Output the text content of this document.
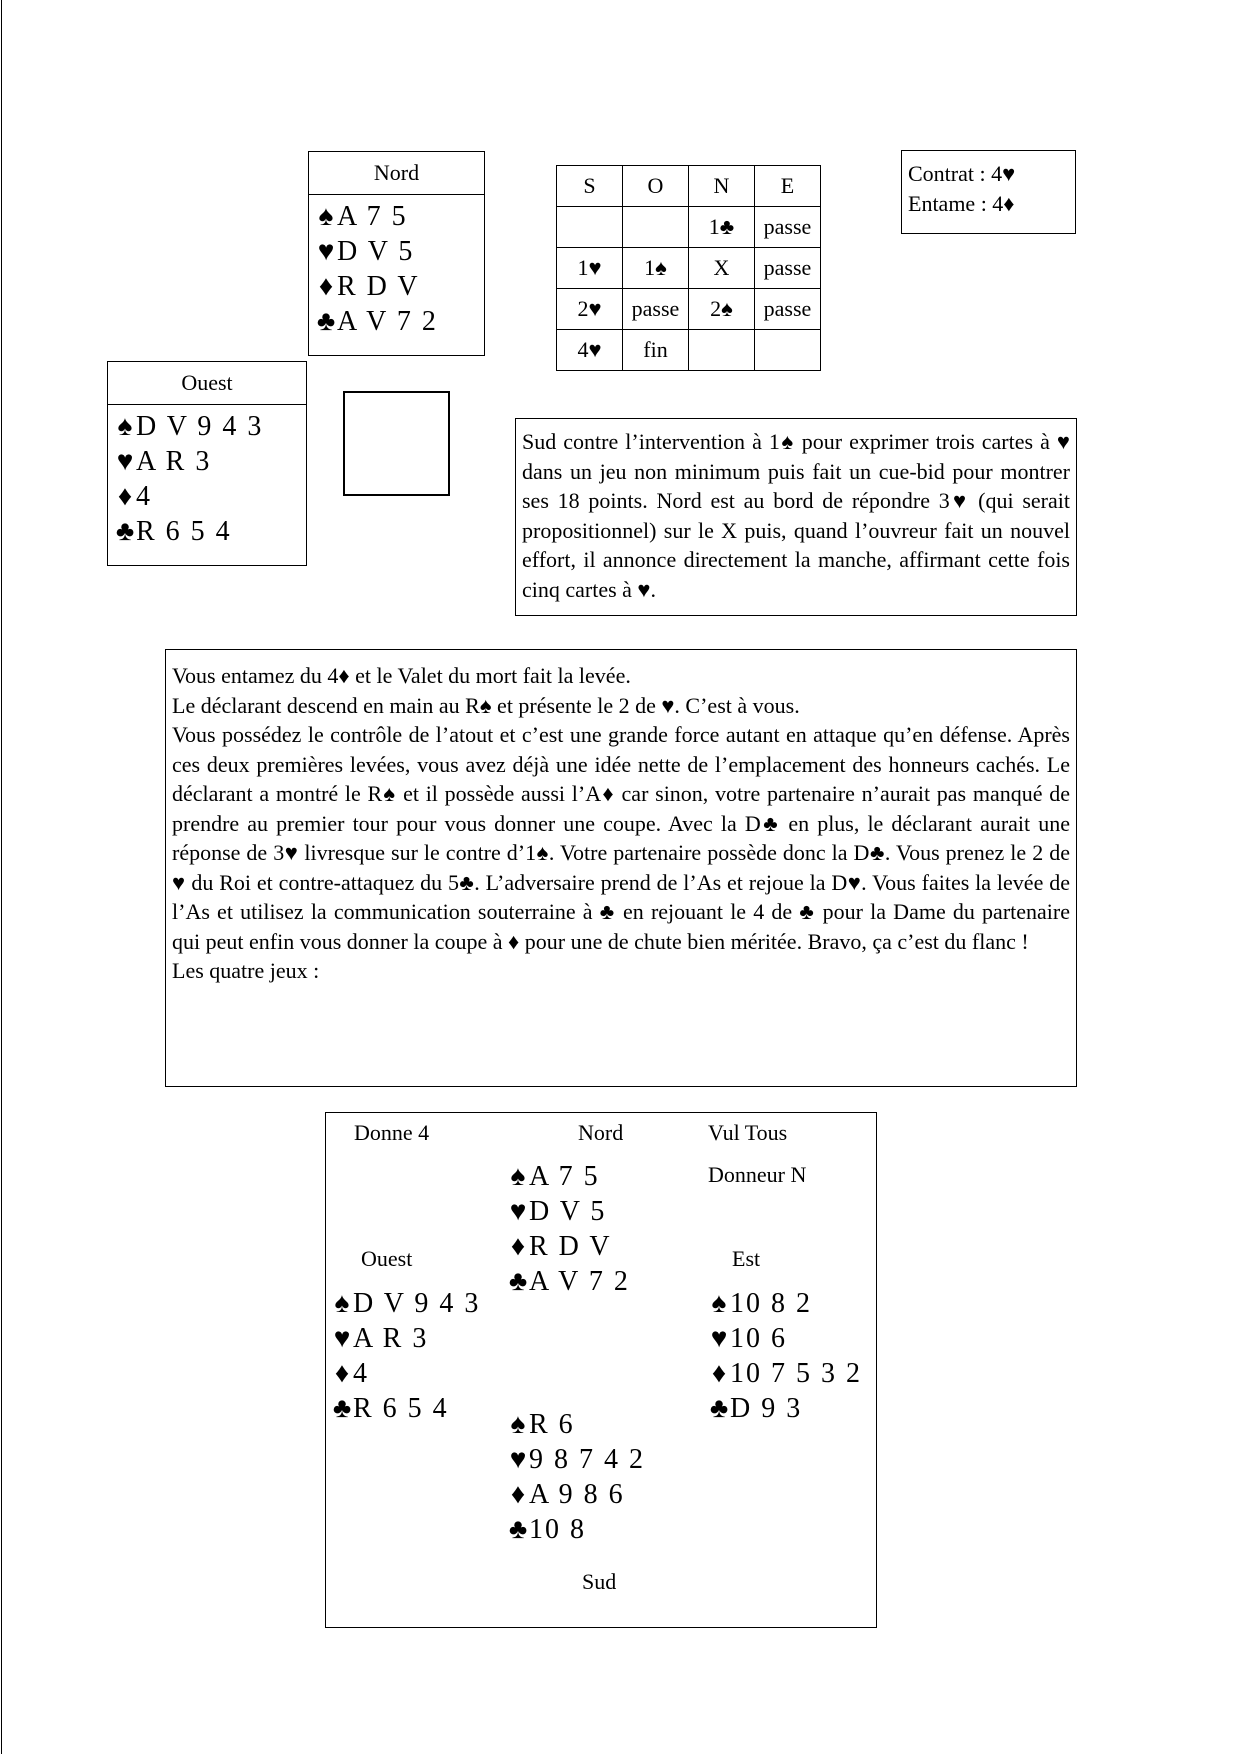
Nord
♠ A 7 5
♥D V 5
♦ R D V
♣A V 7 2
Ouest
♠ D V 9 4 3
♥A R 3
♦ 4
♣R 6 5 4
S	O	N	E
		1♣	passe
1♥	1♠	X	passe
2♥	passe	2♠	passe
4♥	fin		
Contrat : 4♥
Entame : 4♦
Sud contre l’intervention à 1♠ pour exprimer trois cartes à ♥ dans un jeu non minimum puis fait un cue-bid pour montrer ses 18 points. Nord est au bord de répondre 3♥ (qui serait propositionnel) sur le X puis, quand l’ouvreur fait un nouvel effort, il annonce directement la manche, affirmant cette fois cinq cartes à ♥.
Vous entamez du 4♦ et le Valet du mort fait la levée.
Le déclarant descend en main au R♠ et présente le 2 de ♥. C’est à vous.
Vous possédez le contrôle de l’atout et c’est une grande force autant en attaque qu’en défense. Après ces deux premières levées, vous avez déjà une idée nette de l’emplacement des honneurs cachés. Le déclarant a montré le R♠ et il possède aussi l’A♦ car sinon, votre partenaire n’aurait pas manqué de prendre au premier tour pour vous donner une coupe. Avec la D♣ en plus, le déclarant aurait une réponse de 3♥ livresque sur le contre d’1♠. Votre partenaire possède donc la D♣. Vous prenez le 2 de ♥ du Roi et contre-attaquez du 5♣. L’adversaire prend de l’As et rejoue la D♥. Vous faites la levée de l’As et utilisez la communication souterraine à ♣ en rejouant le 4 de ♣ pour la Dame du partenaire qui peut enfin vous donner la coupe à ♦ pour une de chute bien méritée. Bravo, ça c’est du flanc !
Les quatre jeux :
Donne 4	Nord	Vul Tous
Donneur N
Ouest	Est
Sud
♠ A 7 5
♥D V 5
♦ R D V
♣A V 7 2
♠ D V 9 4 3
♥A R 3
♦ 4
♣R 6 5 4
♠ 10 8 2
♥10 6
♦ 10 7 5 3 2
♣D 9 3
♠ R 6
♥9 8 7 4 2
♦ A 9 8 6
♣10 8
